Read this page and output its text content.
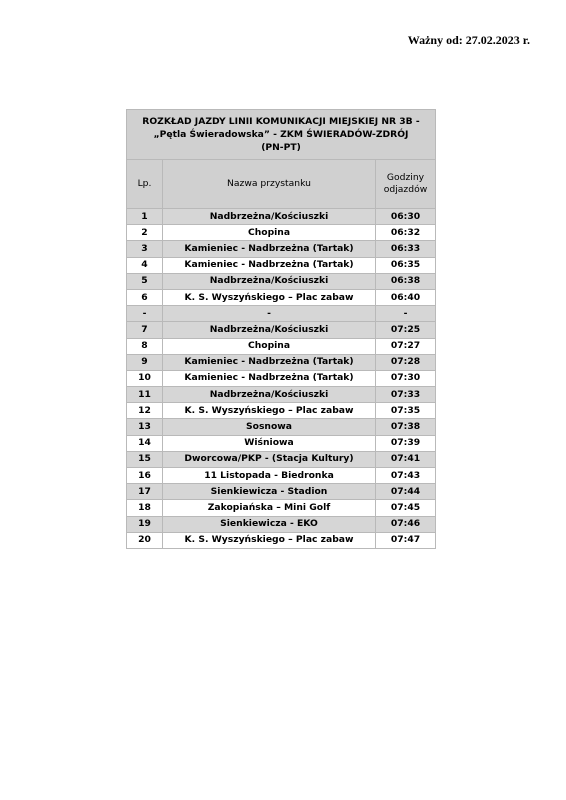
Ważny od: 27.02.2023 r.
ROZKŁAD JAZDY LINII KOMUNIKACJI MIEJSKIEJ NR 3B -
„Pętla Świeradowska” - ZKM ŚWIERADÓW-ZDRÓJ
(PN-PT)		

Lp.	Nazwa przystanku	Godziny
odjazdów

1	Nadbrzeżna/Kościuszki	06:30
2	Chopina	06:32
3	Kamieniec - Nadbrzeżna (Tartak)	06:33
4	Kamieniec - Nadbrzeżna (Tartak)	06:35
5	Nadbrzeżna/Kościuszki	06:38
6	K. S. Wyszyńskiego – Plac zabaw	06:40
-	-	-
7	Nadbrzeżna/Kościuszki	07:25
8	Chopina	07:27
9	Kamieniec - Nadbrzeżna (Tartak)	07:28
10	Kamieniec - Nadbrzeżna (Tartak)	07:30
11	Nadbrzeżna/Kościuszki	07:33
12	K. S. Wyszyńskiego – Plac zabaw	07:35
13	Sosnowa	07:38
14	Wiśniowa	07:39
15	Dworcowa/PKP - (Stacja Kultury)	07:41
16	11 Listopada - Biedronka	07:43
17	Sienkiewicza - Stadion	07:44
18	Zakopiańska – Mini Golf	07:45
19	Sienkiewicza - EKO	07:46
20	K. S. Wyszyńskiego – Plac zabaw	07:47
